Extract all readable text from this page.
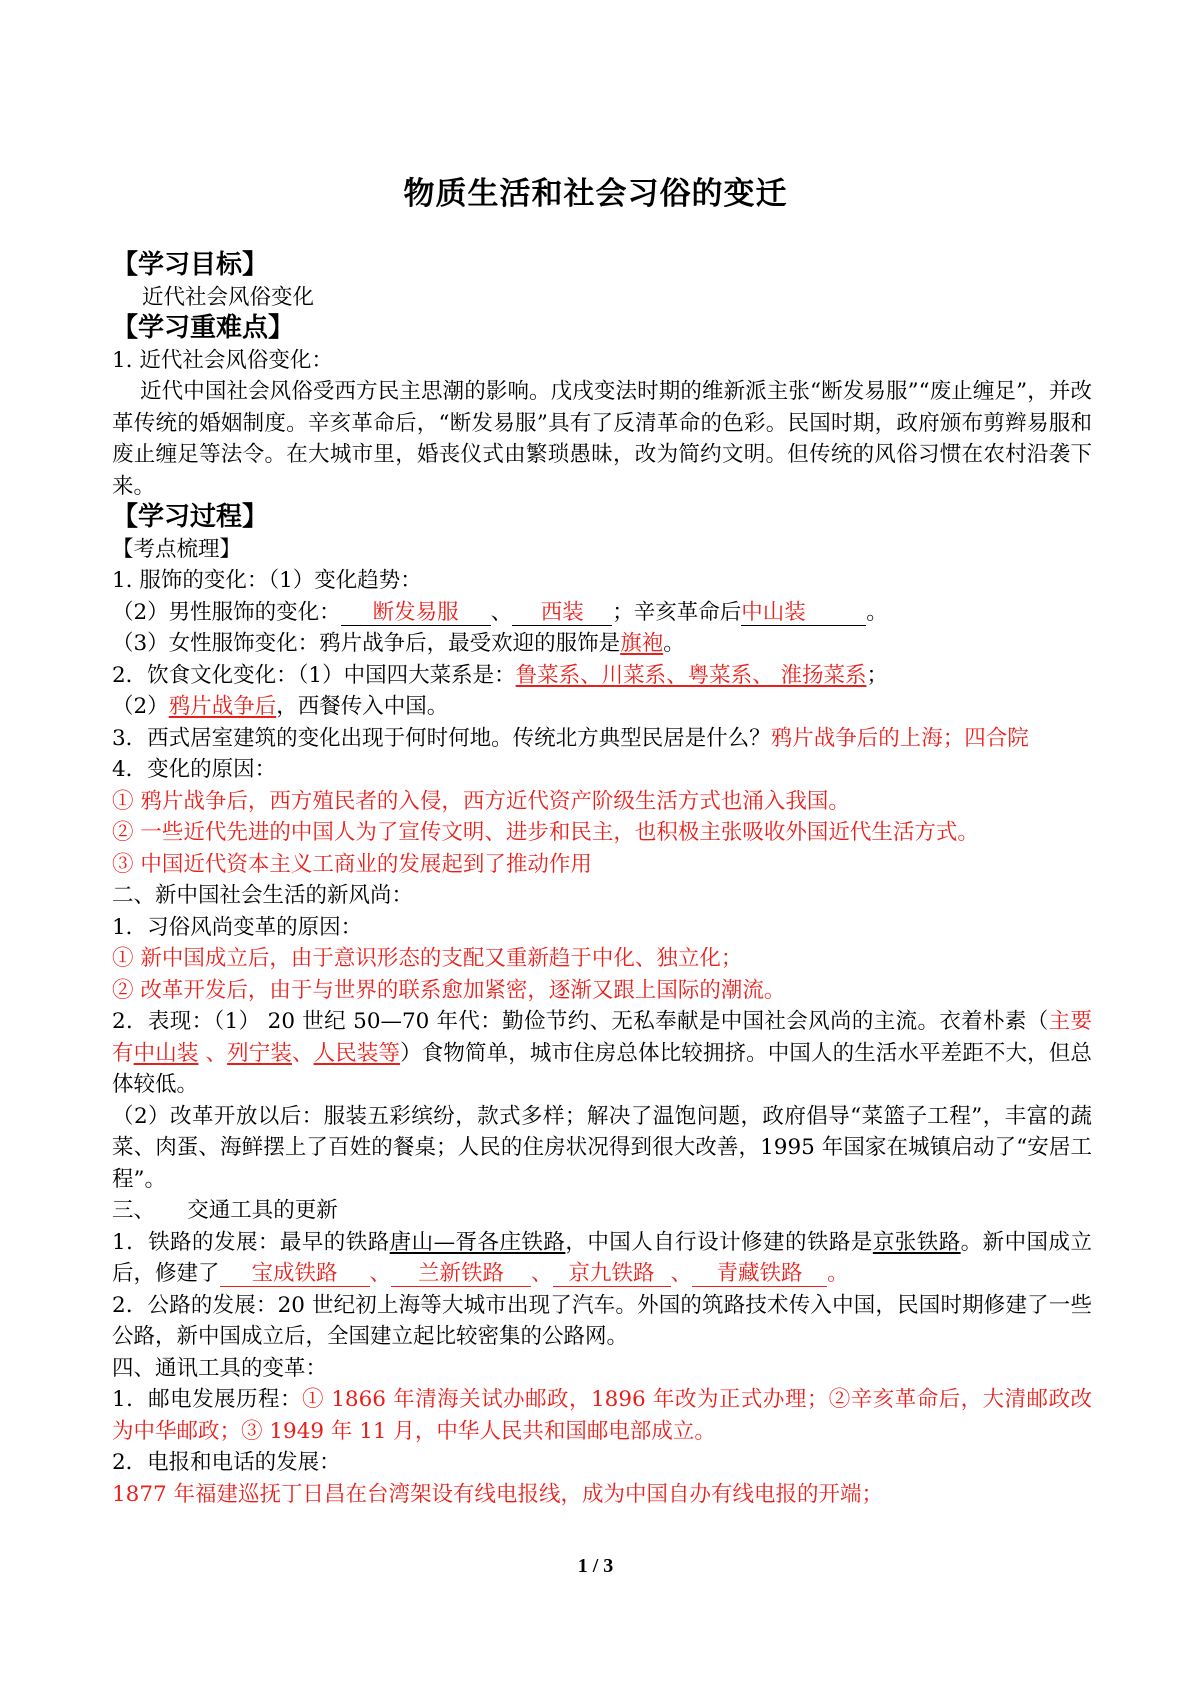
物质生活和社会习俗的变迁
【学习目标】
近代社会风俗变化
【学习重难点】
1. 近代社会风俗变化：
近代中国社会风俗受西方民主思潮的影响。戊戌变法时期的维新派主张“断发易服”“废止缠足”，并改革传统的婚姻制度。辛亥革命后，“断发易服”具有了反清革命的色彩。民国时期，政府颁布剪辫易服和废止缠足等法令。在大城市里，婚丧仪式由繁琐愚昧，改为简约文明。但传统的风俗习惯在农村沿袭下来。
【学习过程】
【考点梳理】
1. 服饰的变化：（1）变化趋势：
（2）男性服饰的变化： 断发易服 、 西装 ；辛亥革命后中山装	。
（3）女性服饰变化：鸦片战争后，最受欢迎的服饰是旗袍。
2．饮食文化变化：（1）中国四大菜系是：鲁菜系、川菜系、粤菜系、 淮扬菜系；
（2）鸦片战争后，西餐传入中国。
3．西式居室建筑的变化出现于何时何地。传统北方典型民居是什么？鸦片战争后的上海；四合院
4．变化的原因：
① 鸦片战争后，西方殖民者的入侵，西方近代资产阶级生活方式也涌入我国。
② 一些近代先进的中国人为了宣传文明、进步和民主，也积极主张吸收外国近代生活方式。
③ 中国近代资本主义工商业的发展起到了推动作用
二、新中国社会生活的新风尚：
1．习俗风尚变革的原因：
① 新中国成立后，由于意识形态的支配又重新趋于中化、独立化；
② 改革开发后，由于与世界的联系愈加紧密，逐渐又跟上国际的潮流。
2．表现：（1） 20 世纪 50—70 年代：勤俭节约、无私奉献是中国社会风尚的主流。衣着朴素（主要有中山装 、列宁装、人民装等）食物简单，城市住房总体比较拥挤。中国人的生活水平差距不大，但总体较低。
（2）改革开放以后：服装五彩缤纷，款式多样；解决了温饱问题，政府倡导“菜篮子工程”，丰富的蔬菜、肉蛋、海鲜摆上了百姓的餐桌；人民的住房状况得到很大改善，1995 年国家在城镇启动了“安居工程”。
三、　　交通工具的更新
1．铁路的发展：最早的铁路唐山—胥各庄铁路，中国人自行设计修建的铁路是京张铁路。新中国成立后，修建了 宝成铁路 、 兰新铁路 、 京九铁路 、 青藏铁路 。
2．公路的发展：20 世纪初上海等大城市出现了汽车。外国的筑路技术传入中国，民国时期修建了一些公路，新中国成立后，全国建立起比较密集的公路网。
四、通讯工具的变革：
1．邮电发展历程：① 1866 年清海关试办邮政，1896 年改为正式办理；②辛亥革命后，大清邮政改为中华邮政；③ 1949 年 11 月，中华人民共和国邮电部成立。
2．电报和电话的发展：
1877 年福建巡抚丁日昌在台湾架设有线电报线，成为中国自办有线电报的开端；
1 / 3
